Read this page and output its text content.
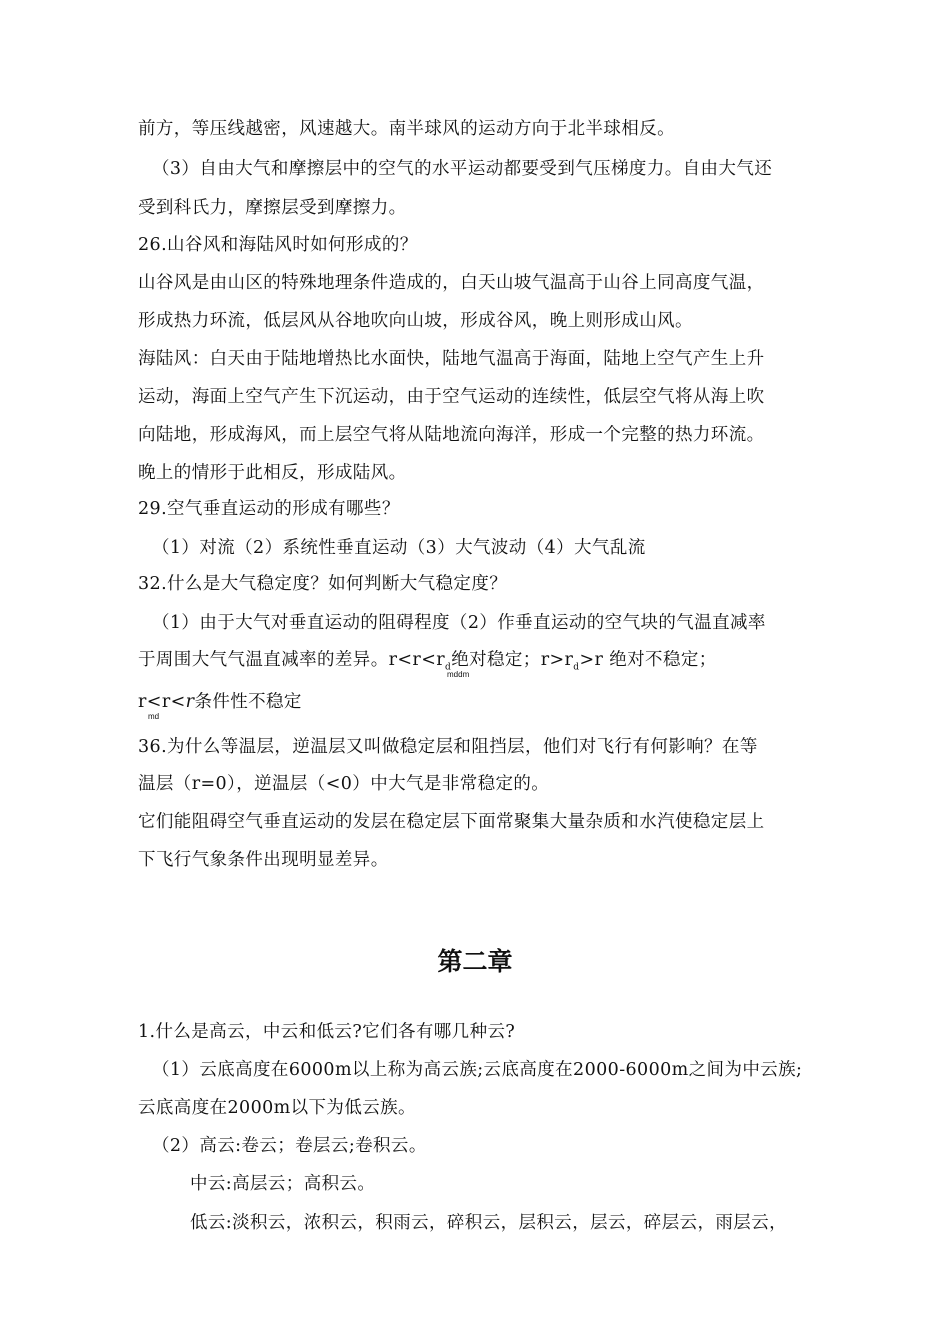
前方，等压线越密，风速越大。南半球风的运动方向于北半球相反。

（3）自由大气和摩擦层中的空气的水平运动都要受到气压梯度力。自由大气还

受到科氏力，摩擦层受到摩擦力。

26.山谷风和海陆风时如何形成的？

山谷风是由山区的特殊地理条件造成的，白天山坡气温高于山谷上同高度气温，

形成热力环流，低层风从谷地吹向山坡，形成谷风，晚上则形成山风。

海陆风：白天由于陆地增热比水面快，陆地气温高于海面，陆地上空气产生上升

运动，海面上空气产生下沉运动，由于空气运动的连续性，低层空气将从海上吹

向陆地，形成海风，而上层空气将从陆地流向海洋，形成一个完整的热力环流。

晚上的情形于此相反，形成陆风。

29.空气垂直运动的形成有哪些？

（1）对流（2）系统性垂直运动（3）大气波动（4）大气乱流

32.什么是大气稳定度？如何判断大气稳定度？

（1）由于大气对垂直运动的阻碍程度（2）作垂直运动的空气块的气温直减率

于周围大气气温直减率的差异。$r<r<r_d$绝对稳定；$r>r_d>r$ 绝对不稳定；

mddm

r<r<r条件性不稳定

md

36.为什么等温层，逆温层又叫做稳定层和阻挡层，他们对飞行有何影响？在等

温层（r=0），逆温层（<0）中大气是非常稳定的。

它们能阻碍空气垂直运动的发层在稳定层下面常聚集大量杂质和水汽使稳定层上

下飞行气象条件出现明显差异。

第二章

1.什么是高云，中云和低云?它们各有哪几种云?

（1）云底高度在6000m以上称为高云族;云底高度在2000-6000m之间为中云族;

云底高度在2000m以下为低云族。

（2）高云:卷云；卷层云;卷积云。

中云:高层云；高积云。

低云:淡积云，浓积云，积雨云，碎积云，层积云，层云，碎层云，雨层云，
